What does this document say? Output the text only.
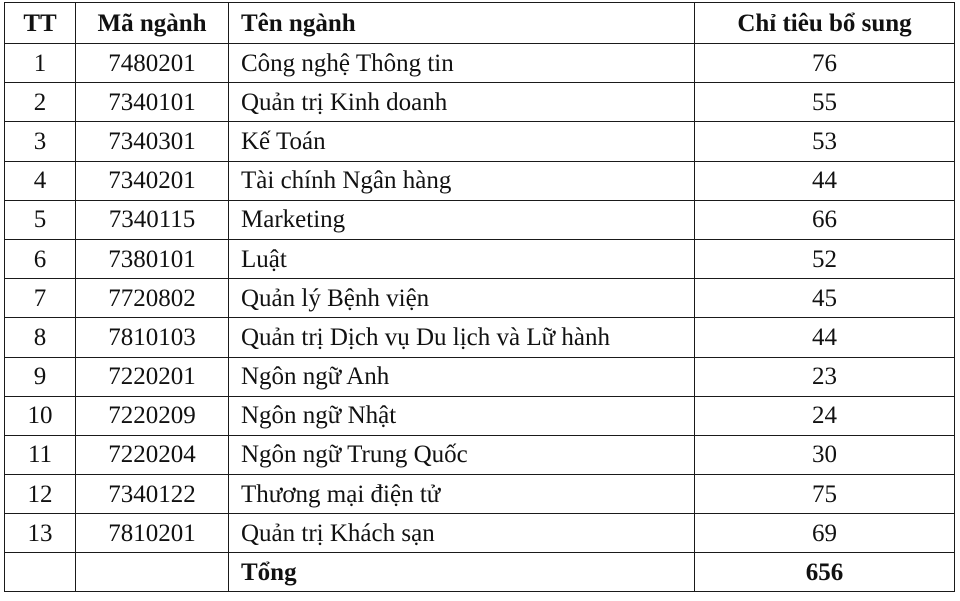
TT	Mã ngành	Tên ngành	Chỉ tiêu bổ sung
1	7480201	Công nghệ Thông tin	76
2	7340101	Quản trị Kinh doanh	55
3	7340301	Kế Toán	53
4	7340201	Tài chính Ngân hàng	44
5	7340115	Marketing	66
6	7380101	Luật	52
7	7720802	Quản lý Bệnh viện	45
8	7810103	Quản trị Dịch vụ Du lịch và Lữ hành	44
9	7220201	Ngôn ngữ Anh	23
10	7220209	Ngôn ngữ Nhật	24
11	7220204	Ngôn ngữ Trung Quốc	30
12	7340122	Thương mại điện tử	75
13	7810201	Quản trị Khách sạn	69
		Tổng	656
